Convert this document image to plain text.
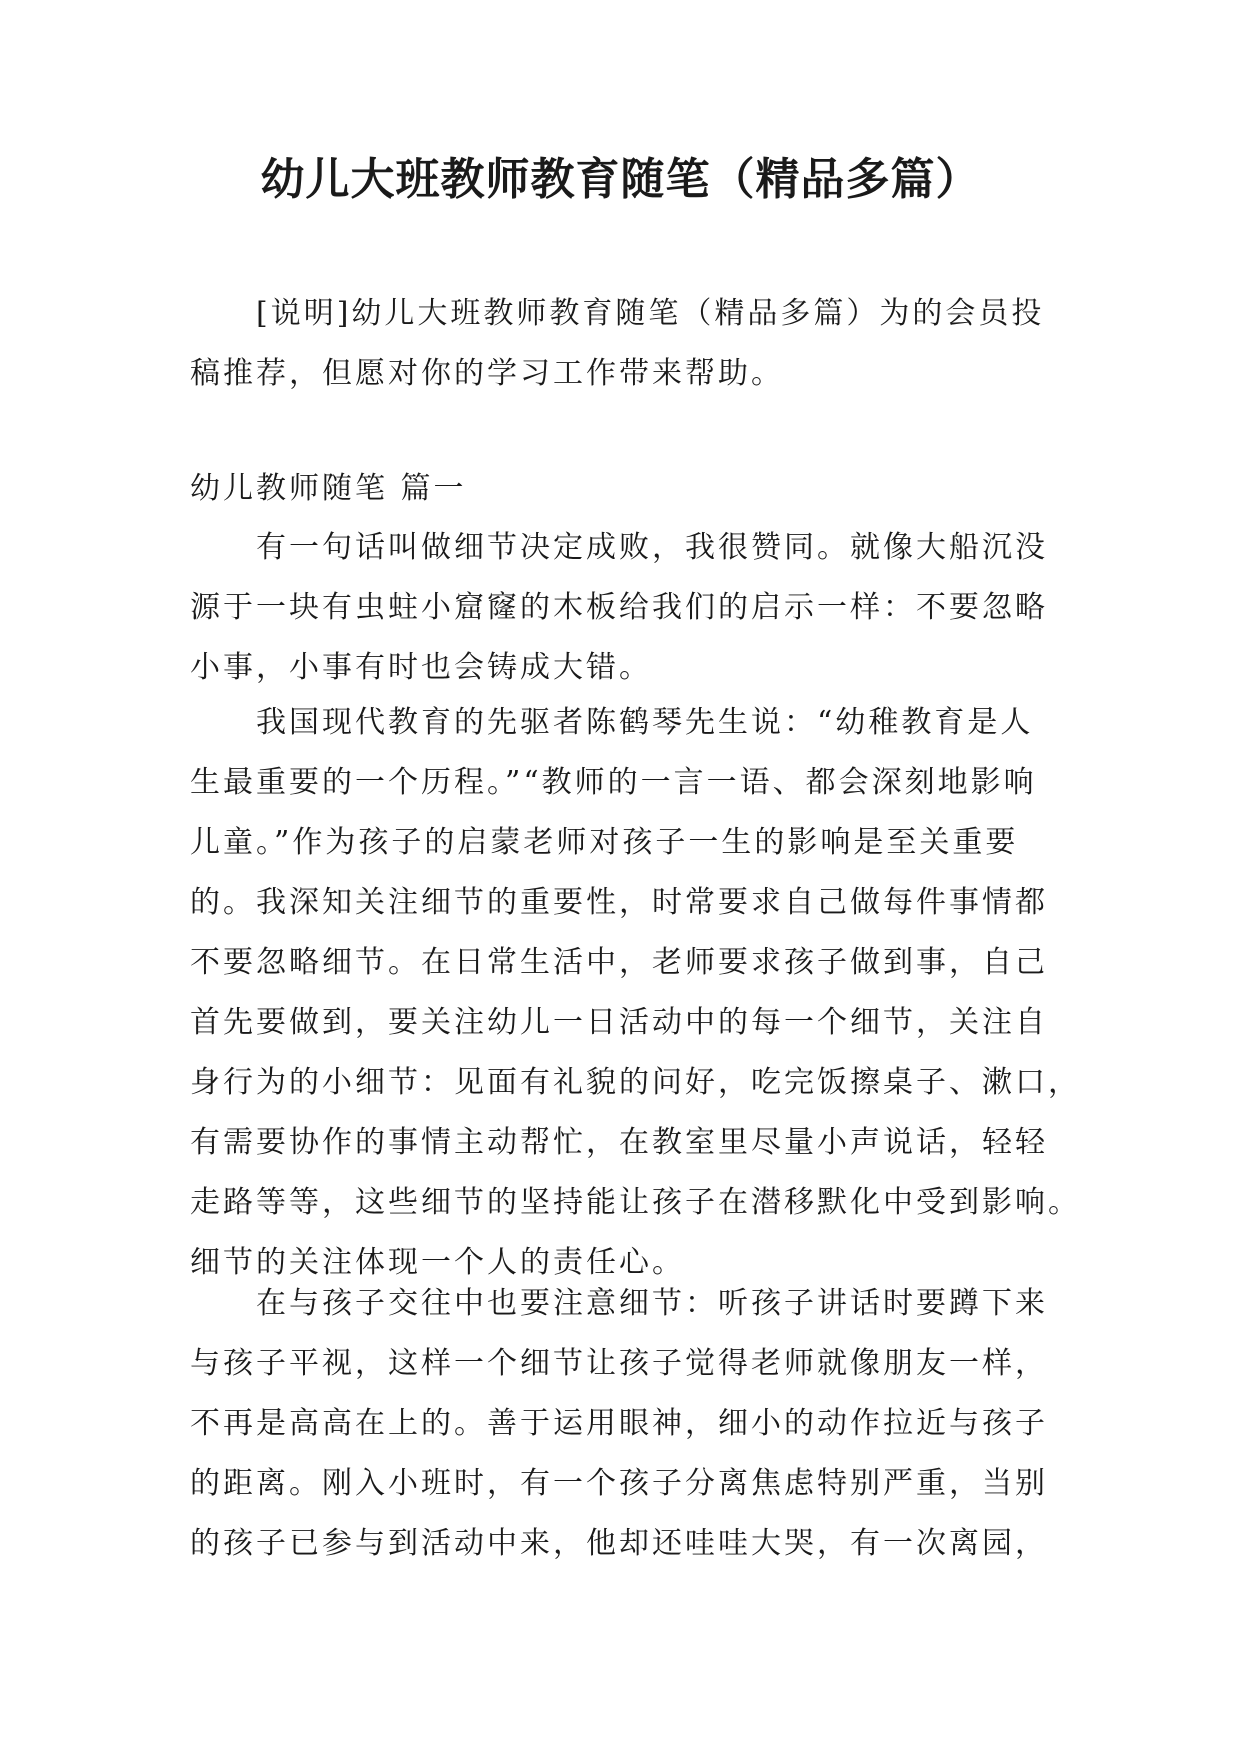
幼儿大班教师教育随笔（精品多篇）

[说明]幼儿大班教师教育随笔（精品多篇）为的会员投
稿推荐，但愿对你的学习工作带来帮助。

幼儿教师随笔 篇一

有一句话叫做细节决定成败，我很赞同。就像大船沉没
源于一块有虫蛀小窟窿的木板给我们的启示一样：不要忽略
小事，小事有时也会铸成大错。

我国现代教育的先驱者陈鹤琴先生说：“幼稚教育是人
生最重要的一个历程。”“教师的一言一语、都会深刻地影响
儿童。”作为孩子的启蒙老师对孩子一生的影响是至关重要
的。我深知关注细节的重要性，时常要求自己做每件事情都
不要忽略细节。在日常生活中，老师要求孩子做到事，自己
首先要做到，要关注幼儿一日活动中的每一个细节，关注自
身行为的小细节：见面有礼貌的问好，吃完饭擦桌子、漱口，
有需要协作的事情主动帮忙，在教室里尽量小声说话，轻轻
走路等等，这些细节的坚持能让孩子在潜移默化中受到影响。
细节的关注体现一个人的责任心。

在与孩子交往中也要注意细节：听孩子讲话时要蹲下来
与孩子平视，这样一个细节让孩子觉得老师就像朋友一样，
不再是高高在上的。善于运用眼神，细小的动作拉近与孩子
的距离。刚入小班时，有一个孩子分离焦虑特别严重，当别
的孩子已参与到活动中来，他却还哇哇大哭，有一次离园，
